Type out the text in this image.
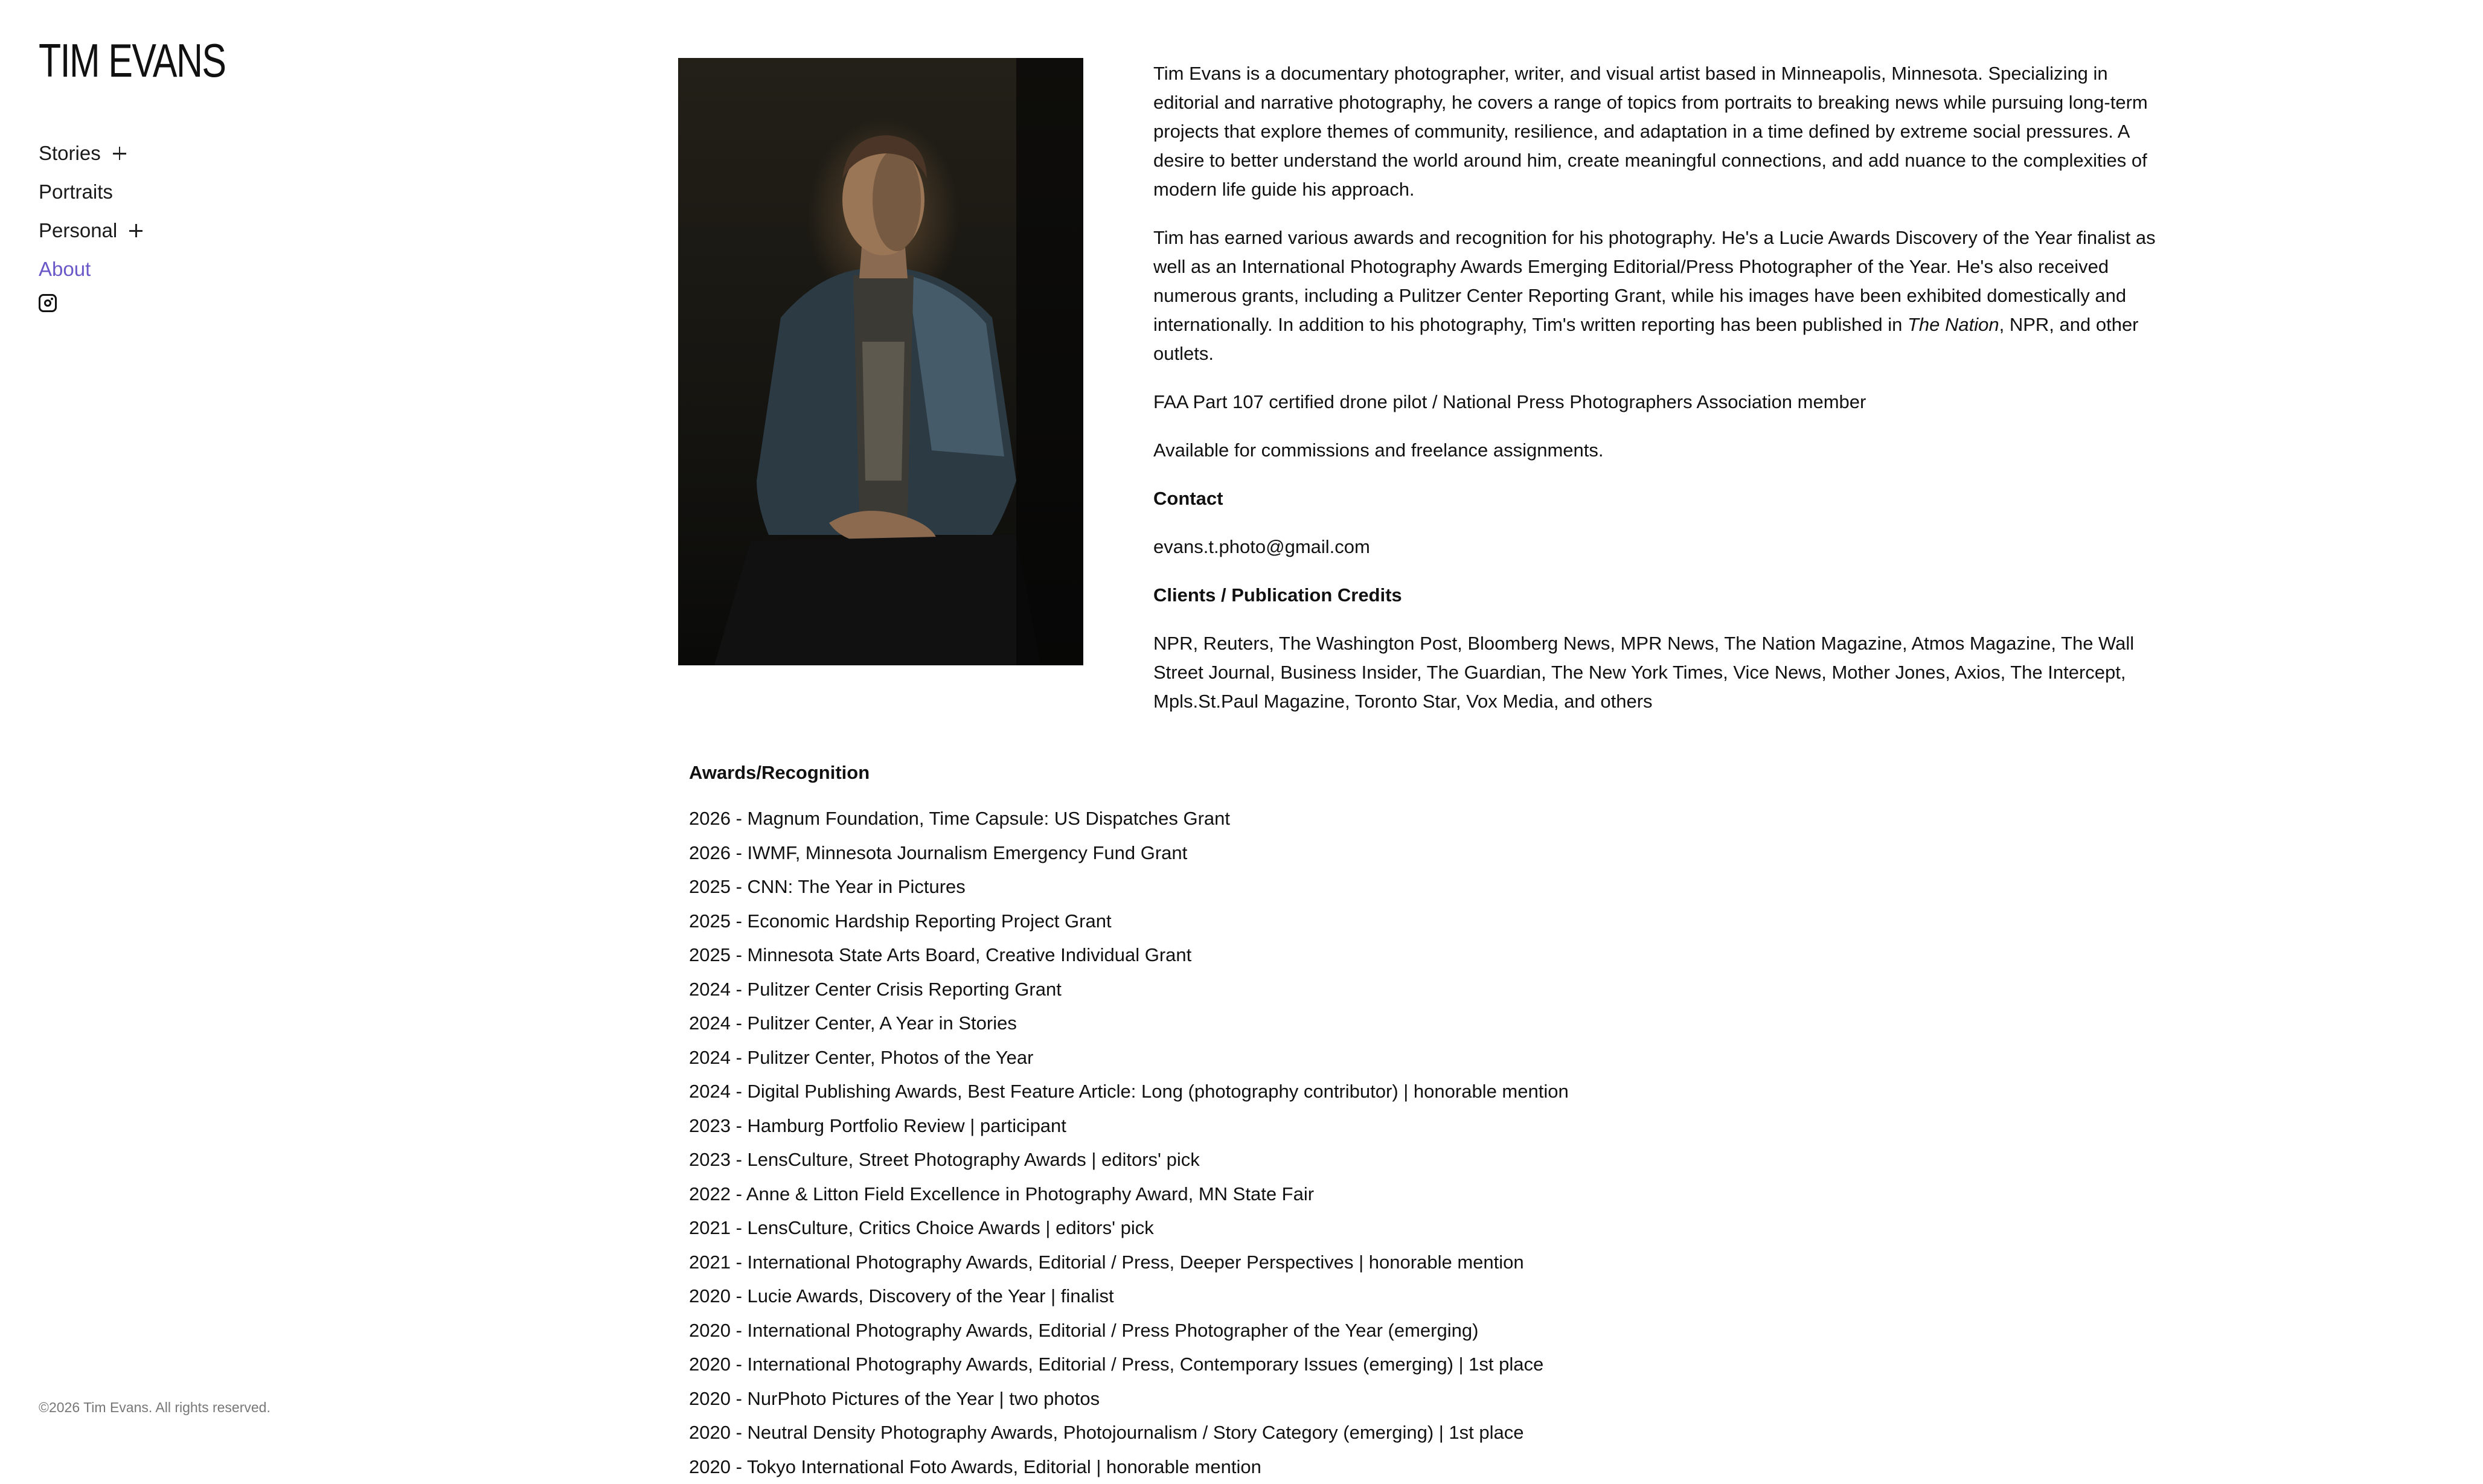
TIM EVANS
Stories
Portraits
Personal
About

Tim Evans is a documentary photographer, writer, and visual artist based in Minneapolis, Minnesota. Specializing in editorial and narrative photography, he covers a range of topics from portraits to breaking news while pursuing long-term projects that explore themes of community, resilience, and adaptation in a time defined by extreme social pressures. A desire to better understand the world around him, create meaningful connections, and add nuance to the complexities of modern life guide his approach.

Tim has earned various awards and recognition for his photography. He's a Lucie Awards Discovery of the Year finalist as well as an International Photography Awards Emerging Editorial/Press Photographer of the Year. He's also received numerous grants, including a Pulitzer Center Reporting Grant, while his images have been exhibited domestically and internationally. In addition to his photography, Tim's written reporting has been published in The Nation, NPR, and other outlets.

FAA Part 107 certified drone pilot / National Press Photographers Association member

Available for commissions and freelance assignments.

Contact

evans.t.photo@gmail.com

Clients / Publication Credits

NPR, Reuters, The Washington Post, Bloomberg News, MPR News, The Nation Magazine, Atmos Magazine, The Wall Street Journal, Business Insider, The Guardian, The New York Times, Vice News, Mother Jones, Axios, The Intercept, Mpls.St.Paul Magazine, Toronto Star, Vox Media, and others

Awards/Recognition

2026 - Magnum Foundation, Time Capsule: US Dispatches Grant
2026 - IWMF, Minnesota Journalism Emergency Fund Grant
2025 - CNN: The Year in Pictures
2025 - Economic Hardship Reporting Project Grant
2025 - Minnesota State Arts Board, Creative Individual Grant
2024 - Pulitzer Center Crisis Reporting Grant
2024 - Pulitzer Center, A Year in Stories
2024 - Pulitzer Center, Photos of the Year
2024 - Digital Publishing Awards, Best Feature Article: Long (photography contributor) | honorable mention
2023 - Hamburg Portfolio Review | participant
2023 - LensCulture, Street Photography Awards | editors' pick
2022 - Anne & Litton Field Excellence in Photography Award, MN State Fair
2021 - LensCulture, Critics Choice Awards | editors' pick
2021 - International Photography Awards, Editorial / Press, Deeper Perspectives | honorable mention
2020 - Lucie Awards, Discovery of the Year | finalist
2020 - International Photography Awards, Editorial / Press Photographer of the Year (emerging)
2020 - International Photography Awards, Editorial / Press, Contemporary Issues (emerging) | 1st place
2020 - NurPhoto Pictures of the Year | two photos
2020 - Neutral Density Photography Awards, Photojournalism / Story Category (emerging) | 1st place
2020 - Tokyo International Foto Awards, Editorial | honorable mention
©2026 Tim Evans. All rights reserved.
